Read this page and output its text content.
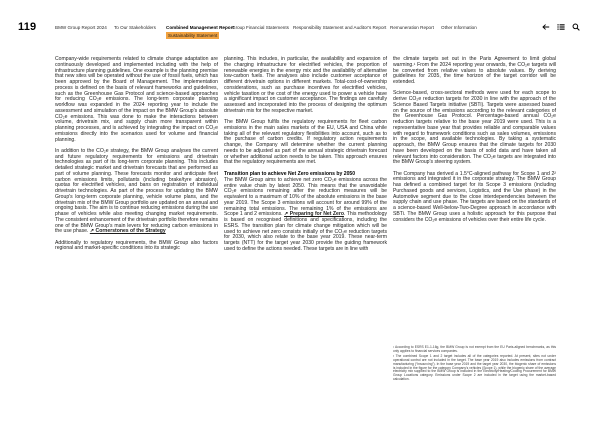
119	BMW Group Report 2024 To Our Stakeholders Combined Management Report
Group Financial Statements Responsibility Statement and Auditor's Report Remuneration Report Other Information
Sustainability Statement

Company-wide requirements related to climate change adaptation are continuously developed and implemented including with the help of infrastructure planning guidelines. One example is the planning premise that new sites will be operated without the use of fossil fuels, which has been approved by the Board of Management. The implementation process is defined on the basis of relevant frameworks and guidelines, such as the Greenhouse Gas Protocol and science-based approaches for reducing CO₂e emissions. The long-term corporate planning workflow was expanded in the 2024 reporting year to include the assessment and simulation of the impact on the BMW Group's absolute CO₂e emissions. This was done to make the interactions between volume, drivetrain mix, and supply chain more transparent within planning processes, and is achieved by integrating the impact on CO₂e emissions directly into the scenarios used for volume and financial planning.

In addition to the CO₂e strategy, the BMW Group analyses the current and future regulatory requirements for emissions and drivetrain technologies as part of its long-term corporate planning. This includes detailed strategic market and drivetrain forecasts that are performed as part of volume planning. These forecasts monitor and anticipate fleet carbon emissions limits, pollutants (including brake/tyre abrasion), quotas for electrified vehicles, and bans on registration of individual drivetrain technologies. As part of the process for updating the BMW Group's long-term corporate planning, vehicle volume plans, and the drivetrain mix of the BMW Group portfolio are updated on an annual and ongoing basis. The aim is to continue reducing emissions during the use phase of vehicles while also meeting changing market requirements. The consistent enhancement of the drivetrain portfolio therefore remains one of the BMW Group's main levers for reducing carbon emissions in the use phase. ↗ Cornerstones of the Strategy

Additionally to regulatory requirements, the BMW Group also factors regional and market-specific conditions into its strategic

planning. This includes, in particular, the availability and expansion of the charging infrastructure for electrified vehicles, the proportion of renewable energies in the energy mix and the availability of alternative low-carbon fuels. The analyses also include customer acceptance of different drivetrain options in different markets. Total-cost-of-ownership considerations, such as purchase incentives for electrified vehicles, vehicle taxation or the cost of the energy used to power a vehicle have a significant impact on customer acceptance. The findings are carefully assessed and incorporated into the process of designing the optimum drivetrain mix for the respective market.

The BMW Group fulfils the regulatory requirements for fleet carbon emissions in the main sales markets of the EU, USA and China while taking all of the relevant regulatory flexibilities into account, such as to the purchase of carbon credits. If regulatory action requirements change, the Company will determine whether the current planning needs to be adjusted as part of the annual strategic drivetrain forecast or whether additional action needs to be taken. This approach ensures that the regulatory requirements are met.

Transition plan to achieve Net Zero emissions by 2050

The BMW Group aims to achieve net zero CO₂e emissions across the entire value chain by latest 2050. This means that the unavoidable CO₂e emissions remaining after the reduction measures will be equivalent to a maximum of 10% of the absolute emissions in the base year 2019. The Scope 3 emissions will account for around 99% of the remaining total emissions. The remaining 1% of the emissions are Scope 1 and 2 emissions. ↗ Preparing for Net Zero. This methodology is based on recognised definitions and specifications, including the ESRS. The transition plan for climate change mitigation which will be used to achieve net zero consists initially of the CO₂e reduction targets for 2030, which also relate to the base year 2019. These near-term targets (NTT) for the target year 2030 provide the guiding framework used to define the actions needed. These targets are in line with

the climate targets set out in the Paris Agreement to limit global warming.¹ From the 2024 reporting year onwards, the CO₂e targets will be converted from relative values to absolute values. By deriving guidelines for 2035, the time horizon of the target corridor will be extended.

Science-based, cross-sectoral methods were used for each scope to derive CO₂e reduction targets for 2030 in line with the approach of the Science Based Targets initiative (SBTi). Targets were assessed based on the source of the emissions according to the relevant categories of the Greenhouse Gas Protocol. Percentage-based annual CO₂e reduction targets relative to the base year 2019 were used. This is a representative base year that provides reliable and comparable values with regard to framework conditions such as sales volumes, emissions in the scope, and available technologies. By taking a systematic approach, the BMW Group ensures that the climate targets for 2030 have been developed on the basis of solid data and have taken all relevant factors into consideration. The CO₂e targets are integrated into the BMW Group's steering system.

The Company has derived a 1.5°C-aligned pathway for Scope 1 and 2² emissions and integrated it in the corporate strategy. The BMW Group has defined a combined target for its Scope 3 emissions (including Purchased goods and services, Logistics, and the Use phase) in the Automotive segment due to the close interdependencies between the supply chain and use phase. The targets are based on the standards of a science-based Well-below-Two-Degree approach in accordance with SBTi. The BMW Group uses a holistic approach for this purpose that considers the CO₂e emissions of vehicles over their entire life cycle.

¹ According to ESRS E1-1-16g, the BMW Group is not exempt from the EU Paris-aligned benchmarks, as this only applies to financial services companies.

² The combined Scope 1 and 2 target includes all of the categories reported. At present, sites not under operational control are not included in the target. The base year 2019 also includes emissions from contract manufacturing (“Insourcing”). In the base year 2019 and the target year 2030, the biogenic share of emissions is included in the figure for the category Company's vehicles (Scope 1), while the biogenic share of the average electricity mix supplied to the BMW Group is included in the Electricity/Heating/Cooling Procurement for BMW Group Locations category. Emissions under Scope 2 are included in the target using the market-based calculation.
